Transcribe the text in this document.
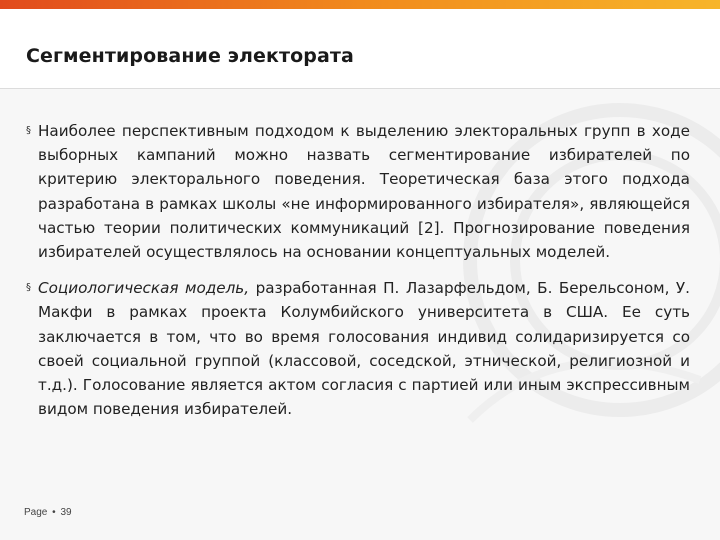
Сегментирование электората
§ Наиболее перспективным подходом к выделению электоральных групп в ходе выборных кампаний можно назвать сегментирование избирателей по критерию электорального поведения. Теоретическая база этого подхода разработана в рамках школы «не информированного избирателя», являющейся частью теории политических коммуникаций [2]. Прогнозирование поведения избирателей осуществлялось на основании концептуальных моделей.
§ Социологическая модель, разработанная П. Лазарфельдом, Б. Берельсоном, У. Макфи в рамках проекта Колумбийского университета в США. Ее суть заключается в том, что во время голосования индивид солидаризируется со своей социальной группой (классовой, соседской, этнической, религиозной и т.д.). Голосование является актом согласия с партией или иным экспрессивным видом поведения избирателей.
Page • 39
